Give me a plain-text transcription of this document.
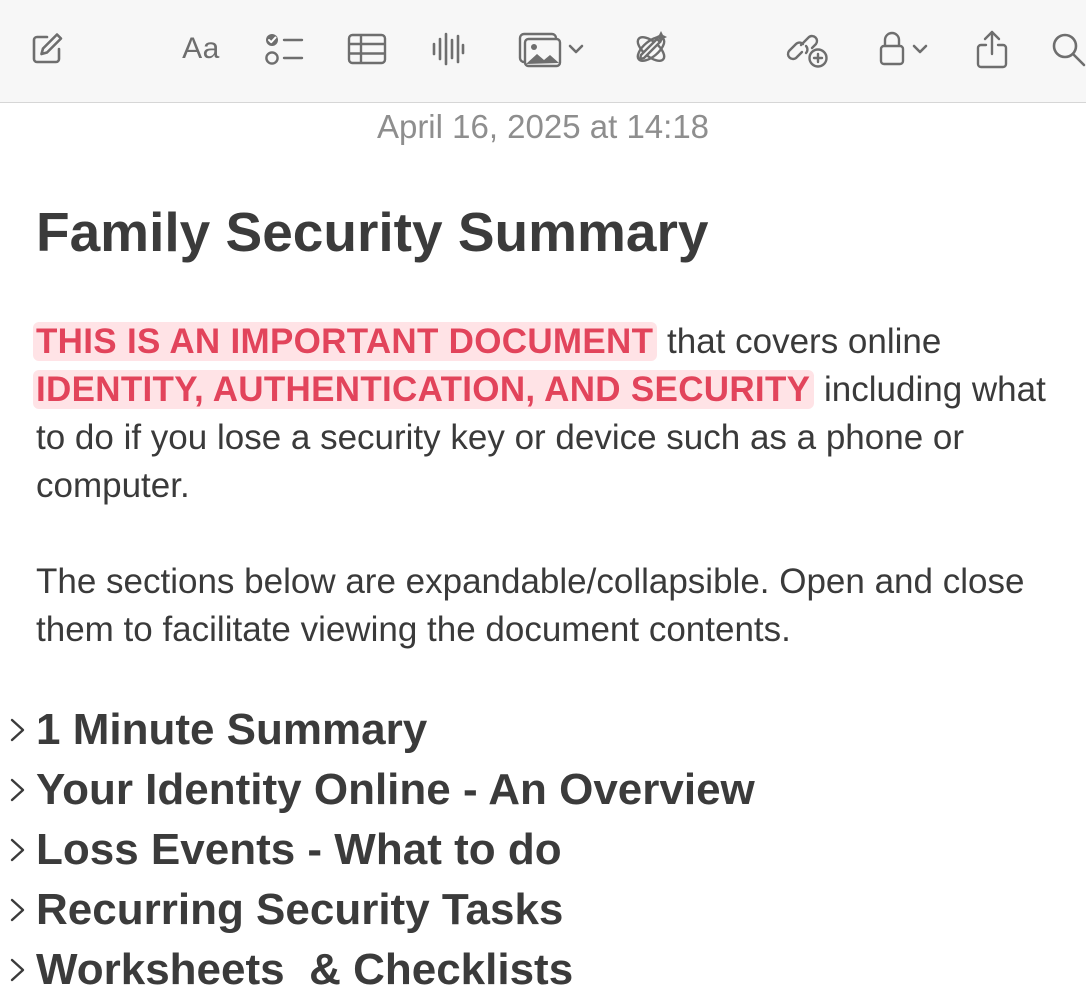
Aa
April 16, 2025 at 14:18
Family Security Summary

THIS IS AN IMPORTANT DOCUMENT that covers online IDENTITY, AUTHENTICATION, AND SECURITY including what to do if you lose a security key or device such as a phone or computer.

The sections below are expandable/collapsible. Open and close them to facilitate viewing the document contents.

1 Minute Summary
Your Identity Online - An Overview
Loss Events - What to do
Recurring Security Tasks
Worksheets  & Checklists
